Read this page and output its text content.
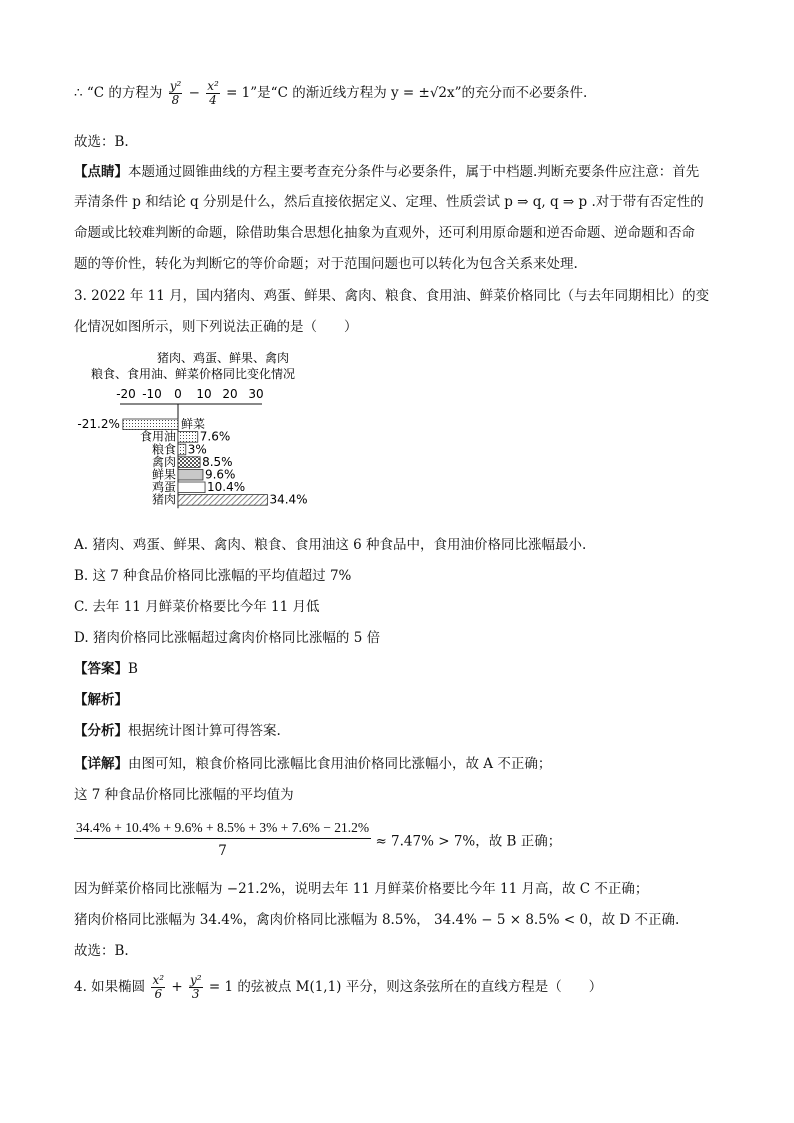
∴ “C 的方程为 $\frac{\text{y²}}{8} - \frac{\text{x²}}{4} = 1$”是“C 的渐近线方程为 y = ±√2x”的充分而不必要条件.
故选：B.
【点睛】本题通过圆锥曲线的方程主要考查充分条件与必要条件，属于中档题.判断充要条件应注意：首先
弄清条件 p 和结论 q 分别是什么，然后直接依据定义、定理、性质尝试 p ⇒ q, q ⇒ p .对于带有否定性的
命题或比较难判断的命题，除借助集合思想化抽象为直观外，还可利用原命题和逆否命题、逆命题和否命
题的等价性，转化为判断它的等价命题；对于范围问题也可以转化为包含关系来处理.
3. 2022 年 11 月，国内猪肉、鸡蛋、鲜果、禽肉、粮食、食用油、鲜菜价格同比（与去年同期相比）的变
化情况如图所示，则下列说法正确的是（　　）
猪肉、鸡蛋、鲜果、禽肉
粮食、食用油、鲜菜价格同比变化情况
-20 -10 0 10 20 30
鲜菜
-21.2%
食用油 7.6%
粮食 3%
禽肉 8.5%
鲜果 9.6%
鸡蛋	10.4%
猪肉	34.4%
A. 猪肉、鸡蛋、鲜果、禽肉、粮食、食用油这 6 种食品中，食用油价格同比涨幅最小.
B. 这 7 种食品价格同比涨幅的平均值超过 7%
C. 去年 11 月鲜菜价格要比今年 11 月低
D. 猪肉价格同比涨幅超过禽肉价格同比涨幅的 5 倍
【答案】B
【解析】
【分析】根据统计图计算可得答案.
【详解】由图可知，粮食价格同比涨幅比食用油价格同比涨幅小，故 A 不正确；
这 7 种食品价格同比涨幅的平均值为
$\frac{34.4\% + 10.4\% + 9.6\% + 8.5\% + 3\% + 7.6\% - 21.2\%}{7} \approx 7.47\% > 7\%$，故 B 正确；
因为鲜菜价格同比涨幅为 −21.2%，说明去年 11 月鲜菜价格要比今年 11 月高，故 C 不正确；
猪肉价格同比涨幅为 34.4%，禽肉价格同比涨幅为 8.5%， 34.4% − 5 × 8.5% < 0，故 D 不正确.
故选：B.
4. 如果椭圆 $\frac{\text{x²}}{6} + \frac{\text{y²}}{3} = 1$ 的弦被点 M(1,1) 平分，则这条弦所在的直线方程是（　　）
